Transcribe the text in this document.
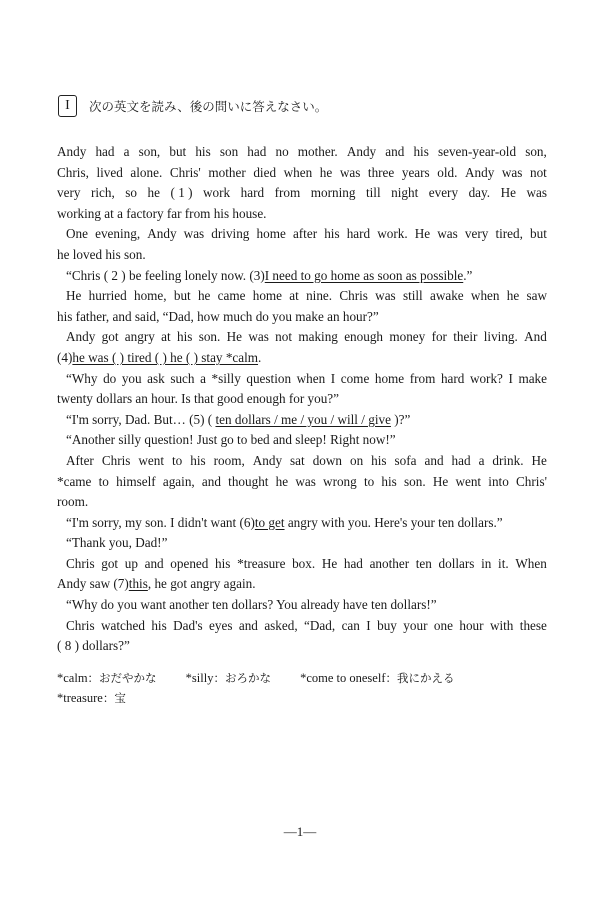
I 次の英文を読み、後の問いに答えなさい。
Andy had a son, but his son had no mother. Andy and his seven-year-old son,
Chris, lived alone. Chris' mother died when he was three years old. Andy was not
very rich, so he ( 1 ) work hard from morning till night every day. He was
working at a factory far from his house.
One evening, Andy was driving home after his hard work. He was very tired, but
he loved his son.
“Chris ( 2 ) be feeling lonely now. (3)I need to go home as soon as possible.”
He hurried home, but he came home at nine. Chris was still awake when he saw
his father, and said, “Dad, how much do you make an hour?”
Andy got angry at his son. He was not making enough money for their living. And
(4)he was ( ) tired ( ) he ( ) stay *calm.
“Why do you ask such a *silly question when I come home from hard work? I make
twenty dollars an hour. Is that good enough for you?”
“I'm sorry, Dad. But… (5) ( ten dollars / me / you / will / give )?”
“Another silly question! Just go to bed and sleep! Right now!”
After Chris went to his room, Andy sat down on his sofa and had a drink. He
*came to himself again, and thought he was wrong to his son. He went into Chris'
room.
“I'm sorry, my son. I didn't want (6)to get angry with you. Here's your ten dollars.”
“Thank you, Dad!”
Chris got up and opened his *treasure box. He had another ten dollars in it. When
Andy saw (7)this, he got angry again.
“Why do you want another ten dollars? You already have ten dollars!”
Chris watched his Dad's eyes and asked, “Dad, can I buy your one hour with these
( 8 ) dollars?”
*calm：おだやかな *silly：おろかな *come to oneself：我にかえる
*treasure：宝
—1—
